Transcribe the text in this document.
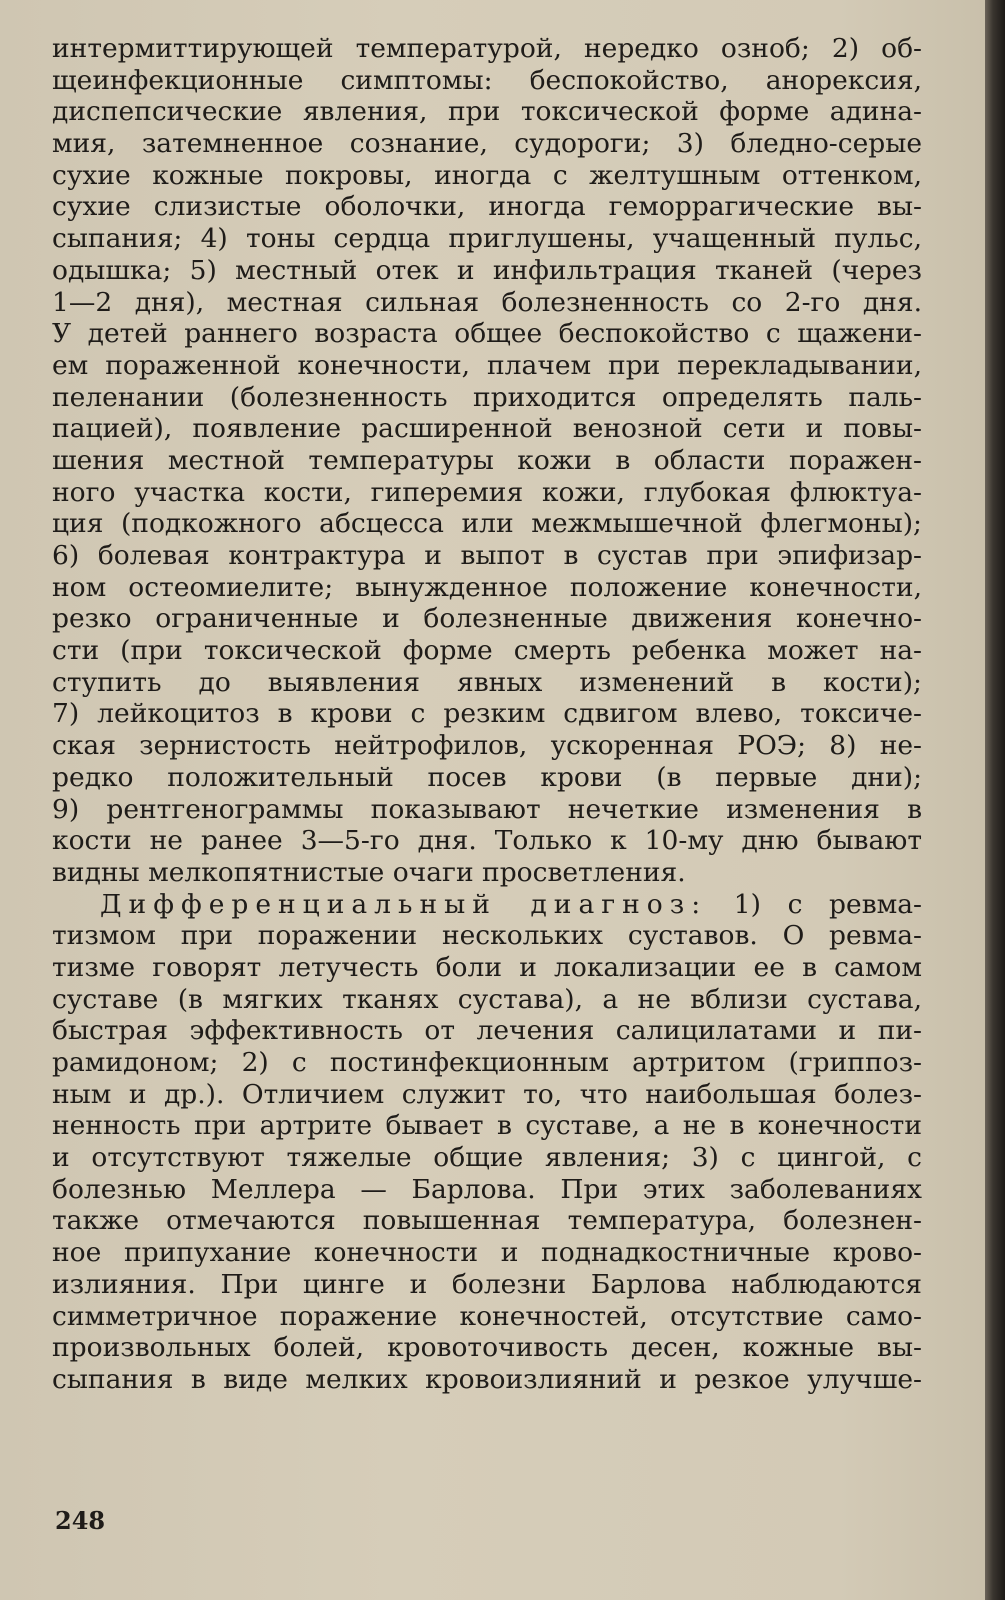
интермиттирующей температурой, нередко озноб; 2) об-
щеинфекционные симптомы: беспокойство, анорексия,
диспепсические явления, при токсической форме адина-
мия, затемненное сознание, судороги; 3) бледно-серые
сухие кожные покровы, иногда с желтушным оттенком,
сухие слизистые оболочки, иногда геморрагические вы-
сыпания; 4) тоны сердца приглушены, учащенный пульс,
одышка; 5) местный отек и инфильтрация тканей (через
1—2 дня), местная сильная болезненность со 2-го дня.
У детей раннего возраста общее беспокойство с щажени-
ем пораженной конечности, плачем при перекладывании,
пеленании (болезненность приходится определять паль-
пацией), появление расширенной венозной сети и повы-
шения местной температуры кожи в области поражен-
ного участка кости, гиперемия кожи, глубокая флюктуа-
ция (подкожного абсцесса или межмышечной флегмоны);
6) болевая контрактура и выпот в сустав при эпифизар-
ном остеомиелите; вынужденное положение конечности,
резко ограниченные и болезненные движения конечно-
сти (при токсической форме смерть ребенка может на-
ступить до выявления явных изменений в кости);
7) лейкоцитоз в крови с резким сдвигом влево, токсиче-
ская зернистость нейтрофилов, ускоренная РОЭ; 8) не-
редко положительный посев крови (в первые дни);
9) рентгенограммы показывают нечеткие изменения в
кости не ранее 3—5-го дня. Только к 10-му дню бывают
видны мелкопятнистые очаги просветления.
Дифференциальный диагноз: 1) с ревма-
тизмом при поражении нескольких суставов. О ревма-
тизме говорят летучесть боли и локализации ее в самом
суставе (в мягких тканях сустава), а не вблизи сустава,
быстрая эффективность от лечения салицилатами и пи-
рамидоном; 2) с постинфекционным артритом (гриппоз-
ным и др.). Отличием служит то, что наибольшая болез-
ненность при артрите бывает в суставе, а не в конечности
и отсутствуют тяжелые общие явления; 3) с цингой, с
болезнью Меллера — Барлова. При этих заболеваниях
также отмечаются повышенная температура, болезнен-
ное припухание конечности и поднадкостничные крово-
излияния. При цинге и болезни Барлова наблюдаются
симметричное поражение конечностей, отсутствие само-
произвольных болей, кровоточивость десен, кожные вы-
сыпания в виде мелких кровоизлияний и резкое улучше-
248
